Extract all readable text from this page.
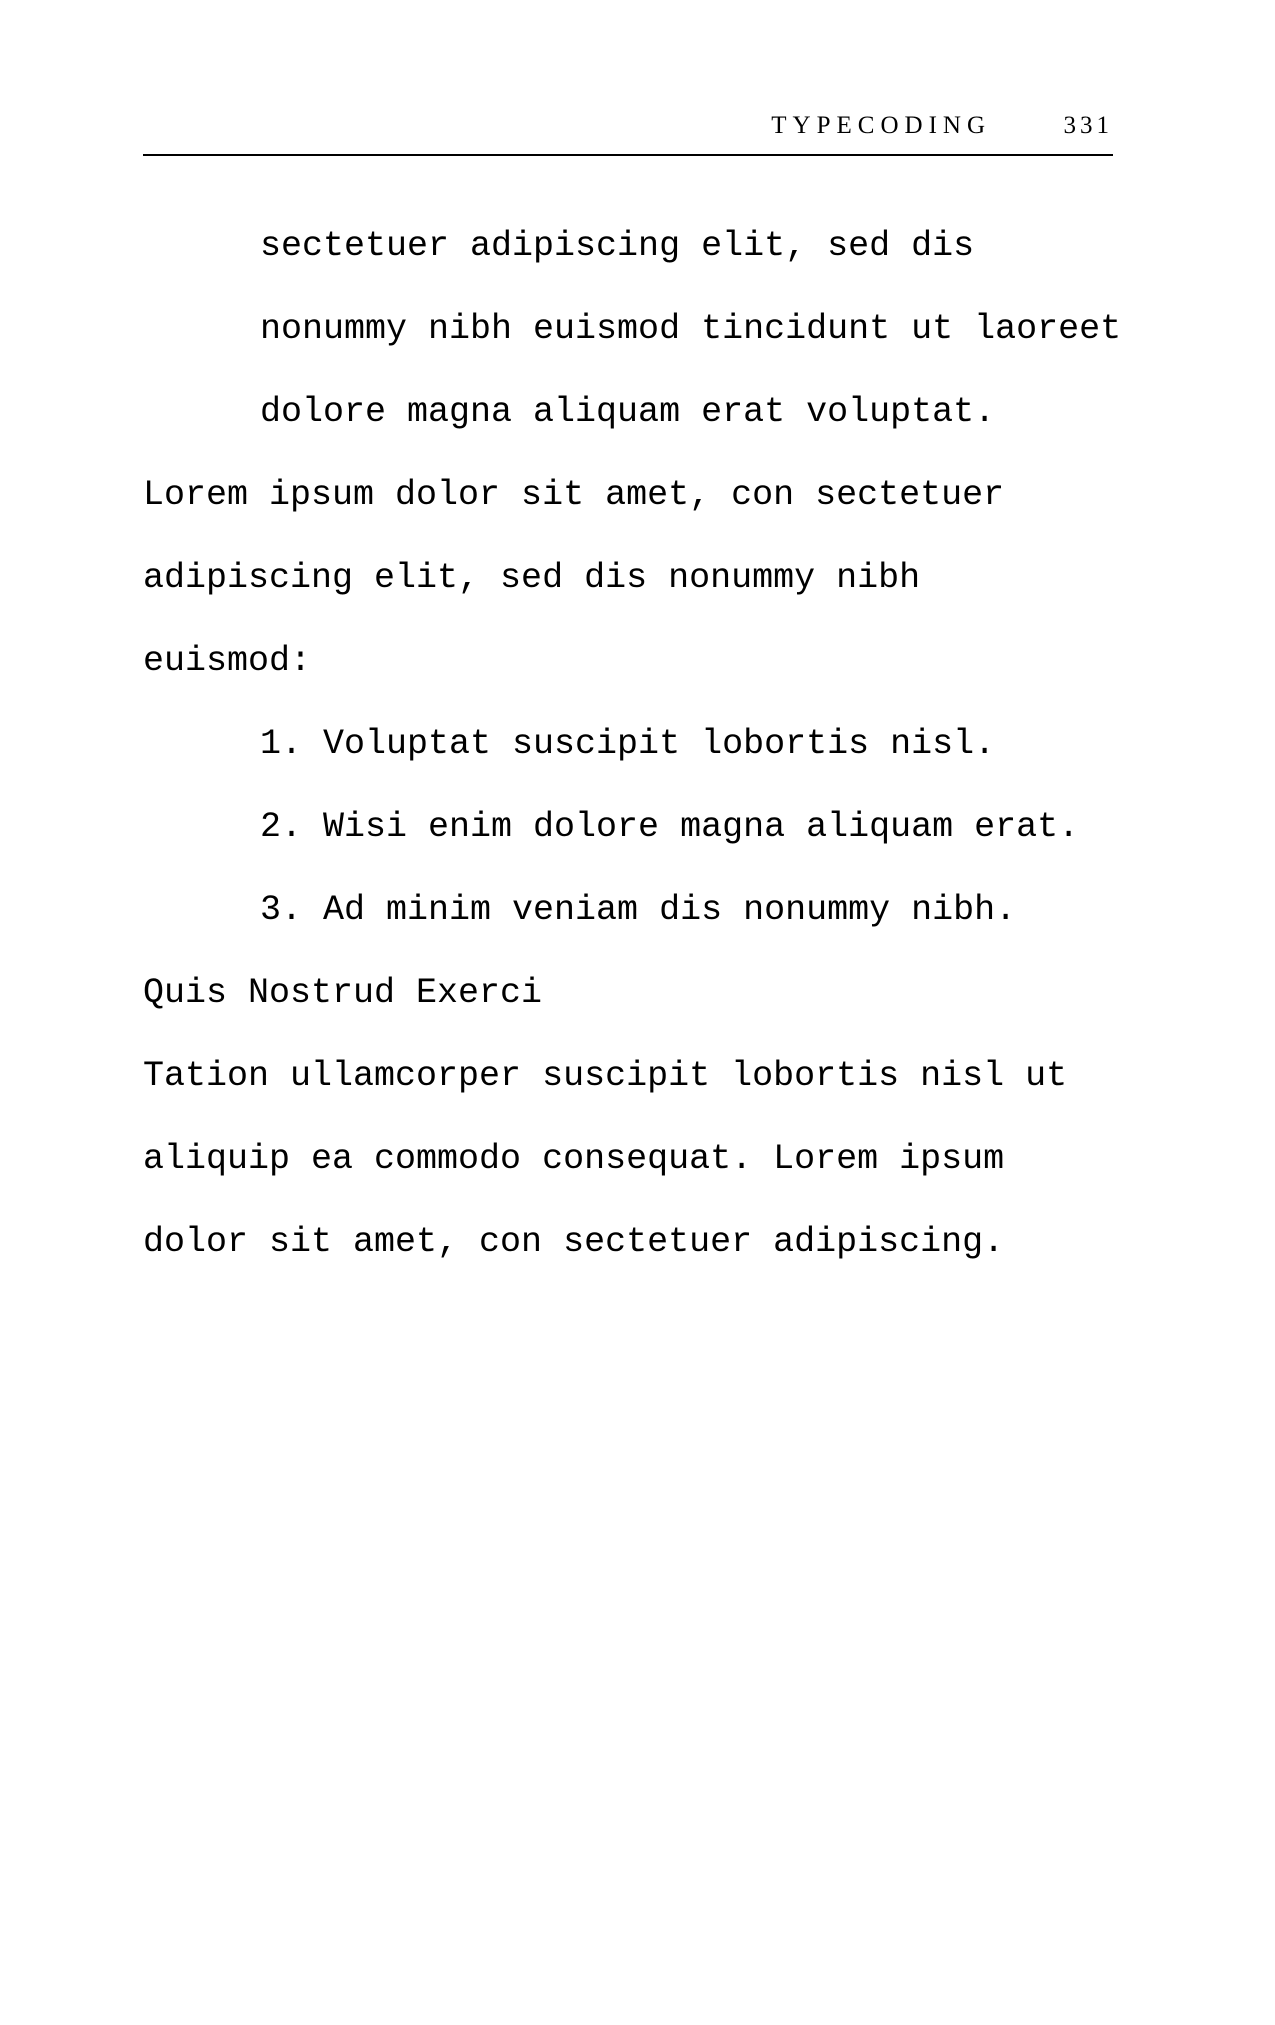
TYPECODING	331
sectetuer adipiscing elit, sed dis
nonummy nibh euismod tincidunt ut laoreet
dolore magna aliquam erat voluptat.
Lorem ipsum dolor sit amet, con sectetuer
adipiscing elit, sed dis nonummy nibh
euismod:
1. Voluptat suscipit lobortis nisl.
2. Wisi enim dolore magna aliquam erat.
3. Ad minim veniam dis nonummy nibh.
Quis Nostrud Exerci
Tation ullamcorper suscipit lobortis nisl ut
aliquip ea commodo consequat. Lorem ipsum
dolor sit amet, con sectetuer adipiscing.
